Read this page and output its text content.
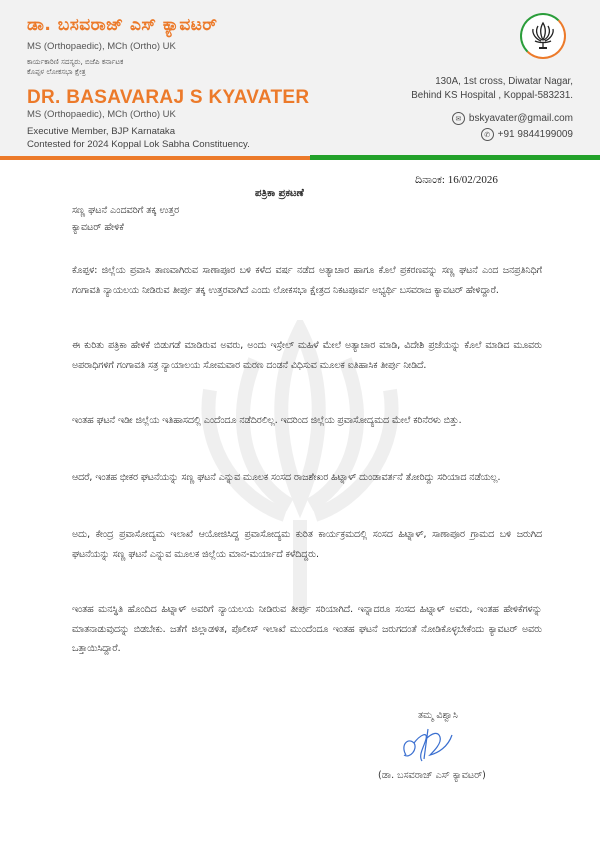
ಡಾ. ಬಸವರಾಜ್ ಎಸ್ ಕ್ಯಾವಟರ್
MS (Orthopaedic), MCh (Ortho) UK
ಕಾರ್ಯಕಾರಿಣಿ ಸದಸ್ಯರು, ಬಿಜೆಪಿ ಕರ್ನಾಟಕ
ಕೊಪ್ಪಳ ಲೋಕಸಭಾ ಕ್ಷೇತ್ರ
DR. BASAVARAJ S KYAVATER
MS (Orthopaedic), MCh (Ortho) UK
Executive Member, BJP Karnataka
Contested for 2024 Koppal Lok Sabha Constituency.
130A, 1st cross, Diwatar Nagar,
Behind KS Hospital , Koppal-583231.
✉ bskyavater@gmail.com
✆ +91 9844199009
ದಿನಾಂಕ: 16/02/2026
ಪತ್ರಿಕಾ ಪ್ರಕಟಣೆ
ಸಣ್ಣ ಘಟನೆ ಎಂದವರಿಗೆ ತಕ್ಕ ಉತ್ತರ
ಕ್ಯಾವಟರ್ ಹೇಳಿಕೆ
ಕೊಪ್ಪಳ: ಜಿಲ್ಲೆಯ ಪ್ರವಾಸಿ ತಾಣವಾಗಿರುವ ಸಾಣಾಪೂರ ಬಳಿ ಕಳೆದ ವರ್ಷ ನಡೆದ ಅತ್ಯಾಚಾರ ಹಾಗೂ ಕೊಲೆ ಪ್ರಕರಣವನ್ನು ಸಣ್ಣ ಘಟನೆ ಎಂದ ಜನಪ್ರತಿನಿಧಿಗೆ ಗಂಗಾವತಿ ನ್ಯಾಯಲಯ ನೀಡಿರುವ ತೀರ್ಪು ತಕ್ಕ ಉತ್ತರವಾಗಿದೆ ಎಂದು ಲೋಕಸಭಾ ಕ್ಷೇತ್ರದ ನಿಕಟಪೂರ್ವ ಅಭ್ಯರ್ಥಿ ಬಸವರಾಜ ಕ್ಯಾವಟರ್ ಹೇಳಿದ್ದಾರೆ.
ಈ ಕುರಿತು ಪತ್ರಿಕಾ ಹೇಳಿಕೆ ಬಿಡುಗಡೆ ಮಾಡಿರುವ ಅವರು, ಅಂದು ಇಸ್ರೇಲ್ ಮಹಿಳೆ ಮೇಲೆ ಅತ್ಯಾಚಾರ ಮಾಡಿ, ವಿದೇಶಿ ಪ್ರಜೆಯನ್ನು ಕೊಲೆ ಮಾಡಿದ ಮೂವರು ಅಪರಾಧಿಗಳಿಗೆ ಗಂಗಾವತಿ ಸತ್ರ ನ್ಯಾಯಾಲಯ ಸೋಮವಾರ ಮರಣ ದಂಡನೆ ವಿಧಿಸುವ ಮೂಲಕ ಐತಿಹಾಸಿಕ ತೀರ್ಪು ನೀಡಿದೆ.
ಇಂತಹ ಘಟನೆ ಇಡೀ ಜಿಲ್ಲೆಯ ಇತಿಹಾಸದಲ್ಲಿ ಎಂದೆಂದೂ ನಡೆದಿರಲಿಲ್ಲ. ಇದರಿಂದ ಜಿಲ್ಲೆಯ ಪ್ರವಾಸೋದ್ಯಮದ ಮೇಲೆ ಕರಿನೆರಳು ಬಿತ್ತು.
ಆದರೆ, ಇಂತಹ ಭೀಕರ ಘಟನೆಯನ್ನು ಸಣ್ಣ ಘಟನೆ ಎನ್ನುವ ಮೂಲಕ ಸಂಸದ ರಾಜಶೇಖರ ಹಿಟ್ನಾಳ್ ದುಂಡಾವರ್ತನೆ ತೋರಿದ್ದು ಸರಿಯಾದ ನಡೆಯಲ್ಲ.
ಅದು, ಕೇಂದ್ರ ಪ್ರವಾಸೋದ್ಯಮ ಇಲಾಖೆ ಆಯೋಜಿಸಿದ್ದ ಪ್ರವಾಸೋದ್ಯಮ ಕುರಿತ ಕಾರ್ಯಕ್ರಮದಲ್ಲಿ ಸಂಸದ ಹಿಟ್ನಾಳ್, ಸಾಣಾಪೂರ ಗ್ರಾಮದ ಬಳಿ ಜರುಗಿದ ಘಟನೆಯನ್ನು ಸಣ್ಣ ಘಟನೆ ಎನ್ನುವ ಮೂಲಕ ಜಿಲ್ಲೆಯ ಮಾನ-ಮರ್ಯಾದೆ ಕಳೆದಿದ್ದರು.
ಇಂತಹ ಮನಸ್ಥಿತಿ ಹೊಂದಿದ ಹಿಟ್ನಾಳ್ ಅವರಿಗೆ ನ್ಯಾಯಲಯ ನೀಡಿರುವ ತೀರ್ಪು ಸರಿಯಾಗಿದೆ. ಇನ್ನಾದರೂ ಸಂಸದ ಹಿಟ್ನಾಳ್ ಅವರು, ಇಂತಹ ಹೇಳಿಕೆಗಳನ್ನು ಮಾತನಾಡುವುದನ್ನು ಬಿಡಬೇಕು. ಜತೆಗೆ ಜಿಲ್ಲಾಡಳಿತ, ಪೊಲೀಸ್ ಇಲಾಖೆ ಮುಂದೆಂದೂ ಇಂತಹ ಘಟನೆ ಜರುಗದಂತೆ ನೋಡಿಕೊಳ್ಳಬೇಕೆಂದು ಕ್ಯಾವಟರ್ ಅವರು ಒತ್ತಾಯಿಸಿದ್ದಾರೆ.
ತಮ್ಮ ವಿಶ್ವಾಸಿ
(ಡಾ. ಬಸವರಾಜ್ ಎಸ್ ಕ್ಯಾವಟರ್)
